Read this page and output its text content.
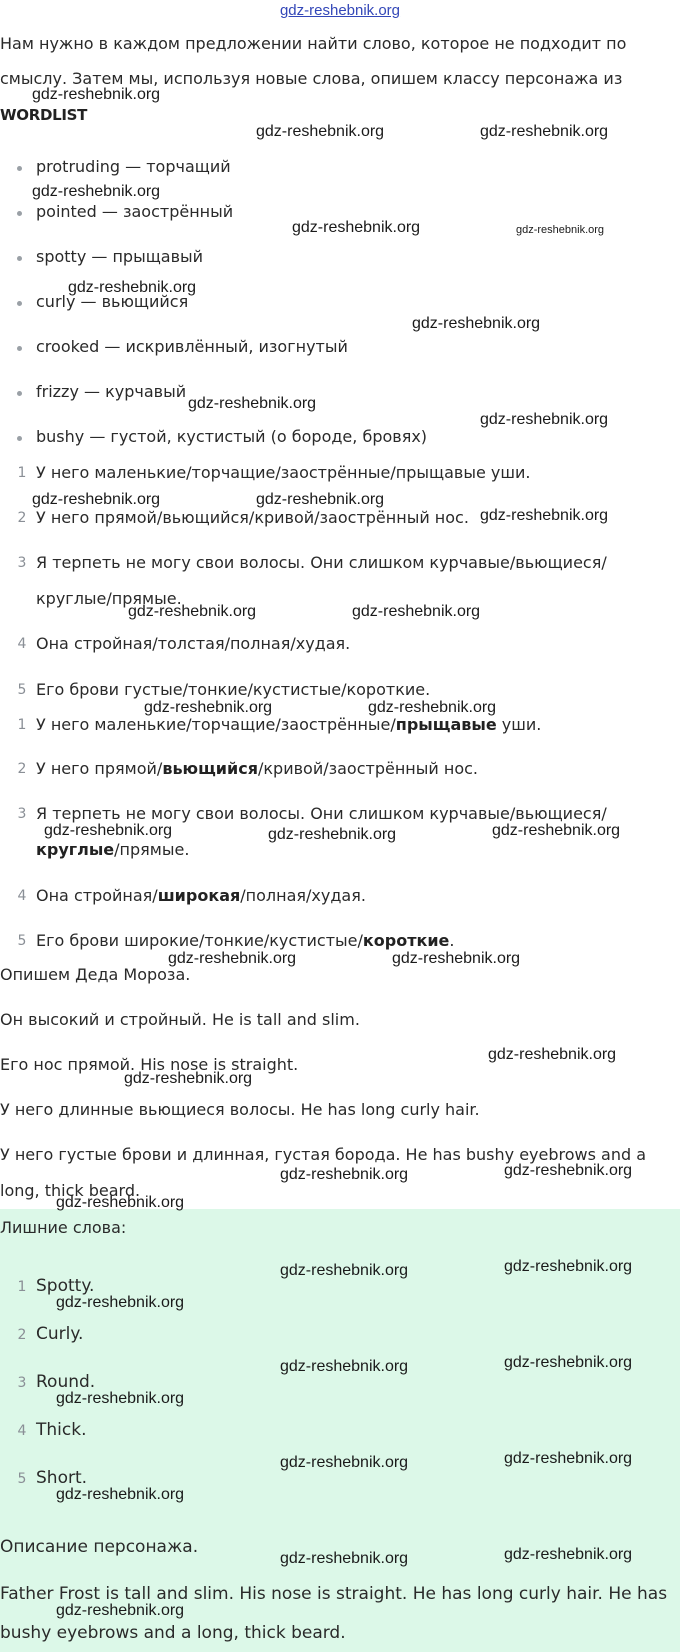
gdz-reshebnik.org
Нам нужно в каждом предложении найти слово, которое не подходит по
смыслу. Затем мы, используя новые слова, опишем классу персонажа из
WORDLIST
protruding — торчащий
pointed — заострённый
spotty — прыщавый
curly — вьющийся
crooked — искривлённый, изогнутый
frizzy — курчавый
bushy — густой, кустистый (о бороде, бровях)
1 У него маленькие/торчащие/заострённые/прыщавые уши.
2 У него прямой/вьющийся/кривой/заострённый нос.
3 Я терпеть не могу свои волосы. Они слишком курчавые/вьющиеся/
круглые/прямые.
4 Она стройная/толстая/полная/худая.
5 Его брови густые/тонкие/кустистые/короткие.
1 У него маленькие/торчащие/заострённые/прыщавые уши.
2 У него прямой/вьющийся/кривой/заострённый нос.
3 Я терпеть не могу свои волосы. Они слишком курчавые/вьющиеся/
круглые/прямые.
4 Она стройная/широкая/полная/худая.
5 Его брови широкие/тонкие/кустистые/короткие.
Опишем Деда Мороза.
Он высокий и стройный. He is tall and slim.
Его нос прямой. His nose is straight.
У него длинные вьющиеся волосы. He has long curly hair.
У него густые брови и длинная, густая борода. He has bushy eyebrows and a
long, thick beard.
Лишние слова:
1 Spotty.
2 Curly.
3 Round.
4 Thick.
5 Short.
Описание персонажа.
Father Frost is tall and slim. His nose is straight. He has long curly hair. He has
bushy eyebrows and a long, thick beard.
gdz-reshebnik.org
gdz-reshebnik.org	gdz-reshebnik.org
gdz-reshebnik.org
gdz-reshebnik.org	gdz-reshebnik.org
gdz-reshebnik.org
gdz-reshebnik.org
gdz-reshebnik.org
gdz-reshebnik.org
gdz-reshebnik.org	gdz-reshebnik.org
gdz-reshebnik.org
gdz-reshebnik.org	gdz-reshebnik.org
gdz-reshebnik.org	gdz-reshebnik.org
gdz-reshebnik.org	gdz-reshebnik.org	gdz-reshebnik.org
gdz-reshebnik.org	gdz-reshebnik.org
gdz-reshebnik.org
gdz-reshebnik.org
gdz-reshebnik.org	gdz-reshebnik.org
gdz-reshebnik.org
gdz-reshebnik.org	gdz-reshebnik.org
gdz-reshebnik.org
gdz-reshebnik.org	gdz-reshebnik.org
gdz-reshebnik.org
gdz-reshebnik.org	gdz-reshebnik.org
gdz-reshebnik.org
gdz-reshebnik.org	gdz-reshebnik.org
gdz-reshebnik.org
